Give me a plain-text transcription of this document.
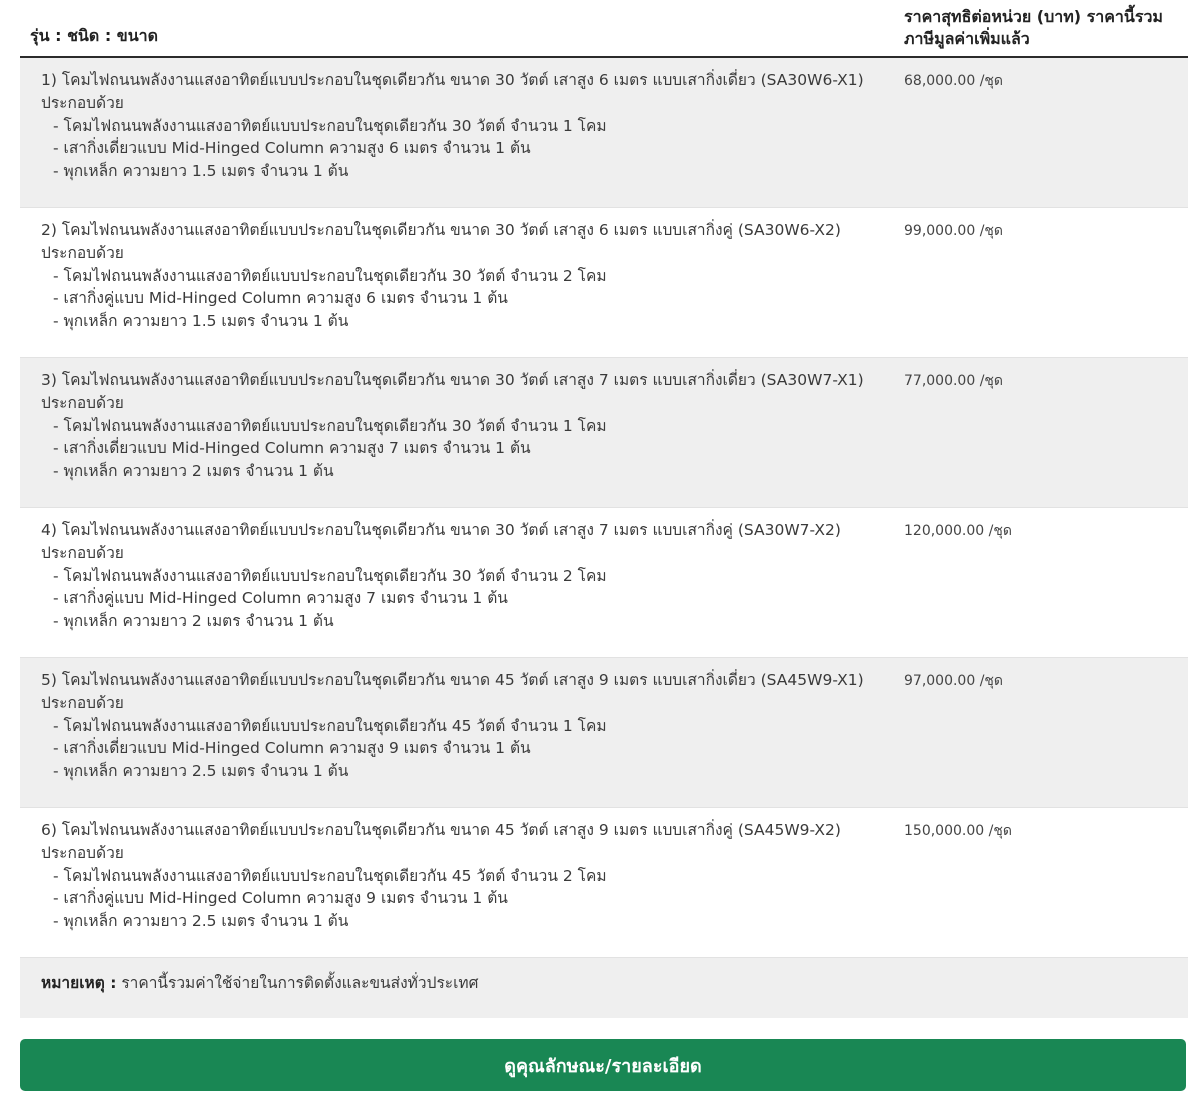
รุ่น : ชนิด : ขนาด
ราคาสุทธิต่อหน่วย (บาท) ราคานี้รวมภาษีมูลค่าเพิ่มแล้ว
1) โคมไฟถนนพลังงานแสงอาทิตย์แบบประกอบในชุดเดียวกัน ขนาด 30 วัตต์ เสาสูง 6 เมตร แบบเสากิ่งเดี่ยว (SA30W6-X1)
ประกอบด้วย
- โคมไฟถนนพลังงานแสงอาทิตย์แบบประกอบในชุดเดียวกัน 30 วัตต์ จำนวน 1 โคม
- เสากิ่งเดี่ยวแบบ Mid-Hinged Column ความสูง 6 เมตร จำนวน 1 ต้น
- พุกเหล็ก ความยาว 1.5 เมตร จำนวน 1 ต้น
68,000.00 /ชุด
2) โคมไฟถนนพลังงานแสงอาทิตย์แบบประกอบในชุดเดียวกัน ขนาด 30 วัตต์ เสาสูง 6 เมตร แบบเสากิ่งคู่ (SA30W6-X2)
ประกอบด้วย
- โคมไฟถนนพลังงานแสงอาทิตย์แบบประกอบในชุดเดียวกัน 30 วัตต์ จำนวน 2 โคม
- เสากิ่งคู่แบบ Mid-Hinged Column ความสูง 6 เมตร จำนวน 1 ต้น
- พุกเหล็ก ความยาว 1.5 เมตร จำนวน 1 ต้น
99,000.00 /ชุด
3) โคมไฟถนนพลังงานแสงอาทิตย์แบบประกอบในชุดเดียวกัน ขนาด 30 วัตต์ เสาสูง 7 เมตร แบบเสากิ่งเดี่ยว (SA30W7-X1)
ประกอบด้วย
- โคมไฟถนนพลังงานแสงอาทิตย์แบบประกอบในชุดเดียวกัน 30 วัตต์ จำนวน 1 โคม
- เสากิ่งเดี่ยวแบบ Mid-Hinged Column ความสูง 7 เมตร จำนวน 1 ต้น
- พุกเหล็ก ความยาว 2 เมตร จำนวน 1 ต้น
77,000.00 /ชุด
4) โคมไฟถนนพลังงานแสงอาทิตย์แบบประกอบในชุดเดียวกัน ขนาด 30 วัตต์ เสาสูง 7 เมตร แบบเสากิ่งคู่ (SA30W7-X2)
ประกอบด้วย
- โคมไฟถนนพลังงานแสงอาทิตย์แบบประกอบในชุดเดียวกัน 30 วัตต์ จำนวน 2 โคม
- เสากิ่งคู่แบบ Mid-Hinged Column ความสูง 7 เมตร จำนวน 1 ต้น
- พุกเหล็ก ความยาว 2 เมตร จำนวน 1 ต้น
120,000.00 /ชุด
5) โคมไฟถนนพลังงานแสงอาทิตย์แบบประกอบในชุดเดียวกัน ขนาด 45 วัตต์ เสาสูง 9 เมตร แบบเสากิ่งเดี่ยว (SA45W9-X1)
ประกอบด้วย
- โคมไฟถนนพลังงานแสงอาทิตย์แบบประกอบในชุดเดียวกัน 45 วัตต์ จำนวน 1 โคม
- เสากิ่งเดี่ยวแบบ Mid-Hinged Column ความสูง 9 เมตร จำนวน 1 ต้น
- พุกเหล็ก ความยาว 2.5 เมตร จำนวน 1 ต้น
97,000.00 /ชุด
6) โคมไฟถนนพลังงานแสงอาทิตย์แบบประกอบในชุดเดียวกัน ขนาด 45 วัตต์ เสาสูง 9 เมตร แบบเสากิ่งคู่ (SA45W9-X2)
ประกอบด้วย
- โคมไฟถนนพลังงานแสงอาทิตย์แบบประกอบในชุดเดียวกัน 45 วัตต์ จำนวน 2 โคม
- เสากิ่งคู่แบบ Mid-Hinged Column ความสูง 9 เมตร จำนวน 1 ต้น
- พุกเหล็ก ความยาว 2.5 เมตร จำนวน 1 ต้น
150,000.00 /ชุด
หมายเหตุ : ราคานี้รวมค่าใช้จ่ายในการติดตั้งและขนส่งทั่วประเทศ
ดูคุณลักษณะ/รายละเอียด
